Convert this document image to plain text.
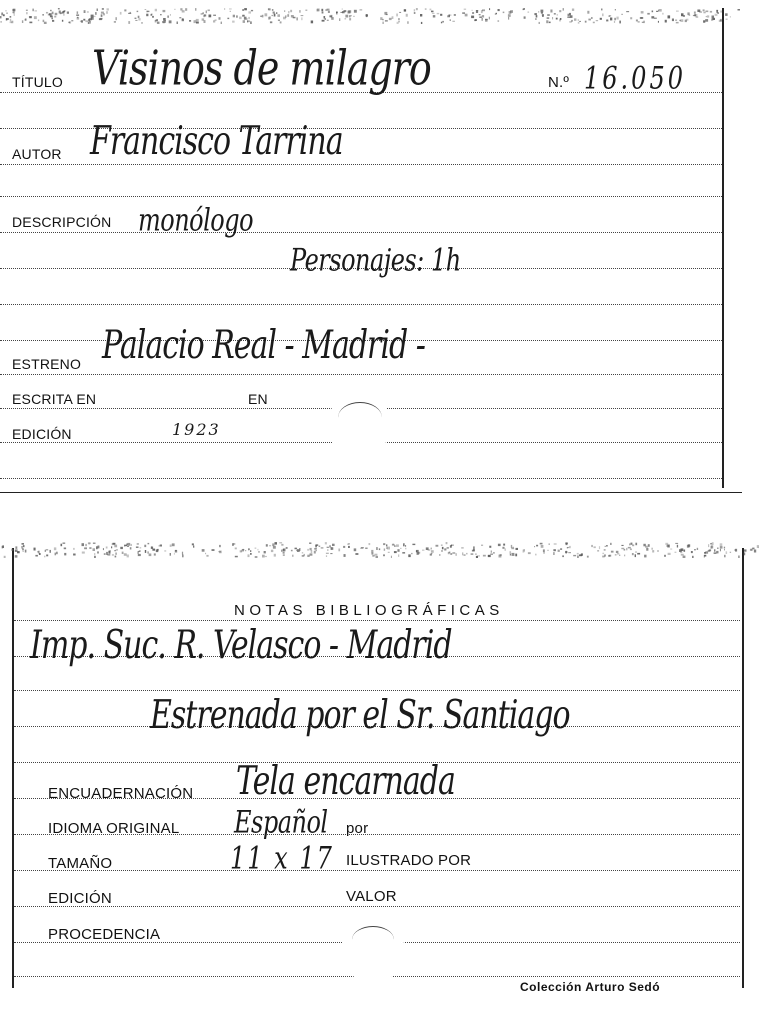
TÍTULO Visinos de milagro	N.º 16.050
AUTOR Francisco Tarrina
DESCRIPCIÓN monólogo
Personajes: 1h
ESTRENO Palacio Real - Madrid -
ESCRITA EN	EN
EDICIÓN	1923
NOTAS BIBLIOGRÁFICAS
Imp. Suc. R. Velasco - Madrid
Estrenada por el Sr. Santiago
ENCUADERNACIÓN Tela encarnada
IDIOMA ORIGINAL Español por
TAMAÑO	11 x 17 ILUSTRADO POR
EDICIÓN	VALOR
PROCEDENCIA
Colección Arturo Sedó
